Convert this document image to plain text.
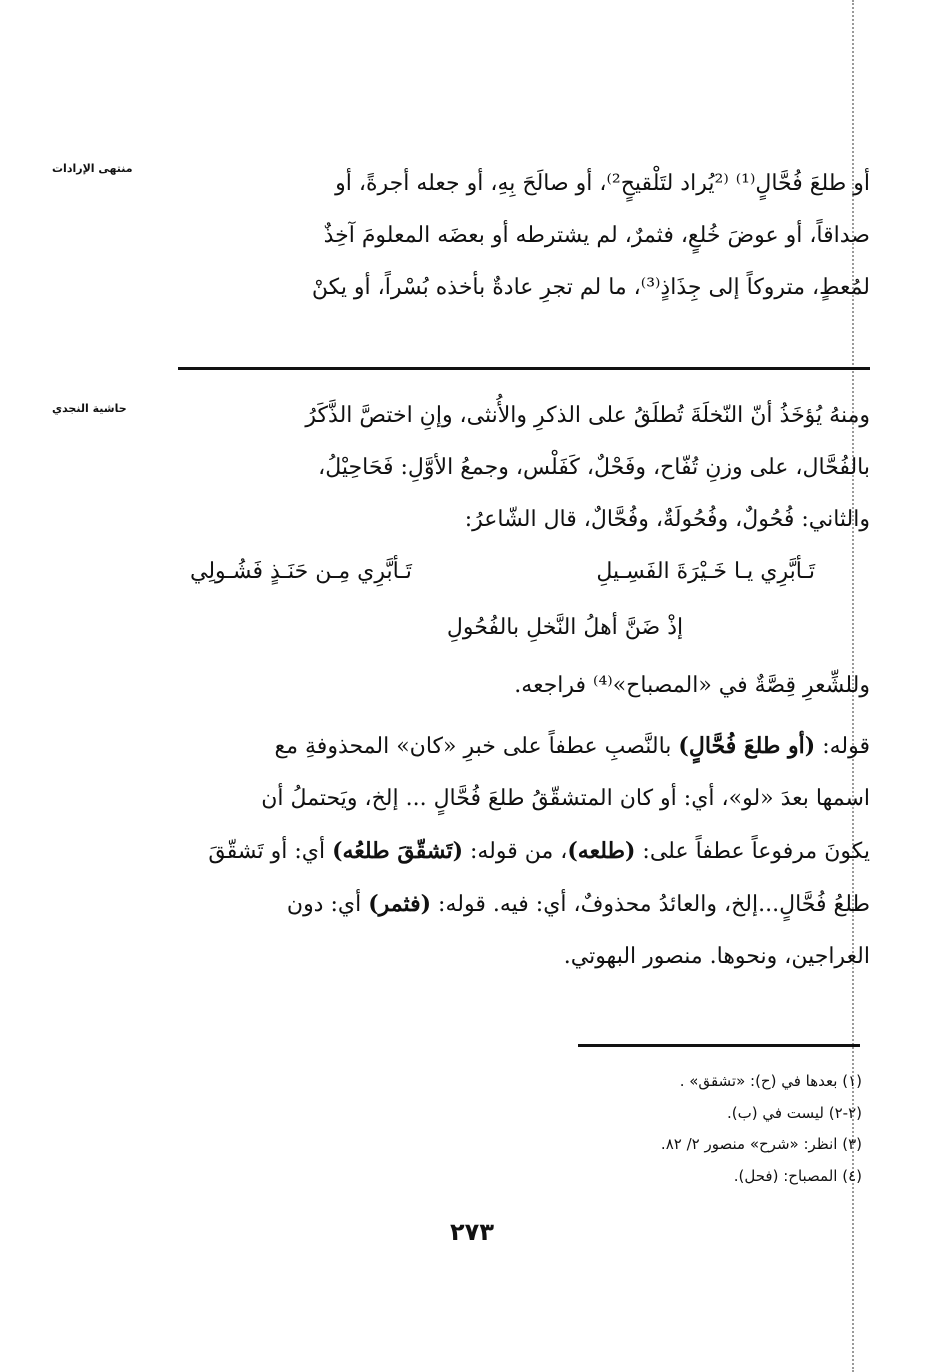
منتهى الإرادات

أو طلعَ فُحَّالٍ⁽¹⁾ ⁽²يُراد لتَلْقيحٍ²⁾، أو صالَحَ بِهِ، أو جعله أجرةً، أو

صداقاً، أو عوضَ خُلعٍ، فثمرٌ، لم يشترطه أو بعضَه المعلومَ آخِذٌ

لمُعطٍ، متروكاً إلى جِذَاذٍ⁽³⁾، ما لم تجرِ عادةٌ بأخذه بُسْراً، أو يكنْ

حاشية النجدي	ومنهُ يُؤخَذُ أنّ النّخلَةَ تُطلَقُ على الذكرِ والأُنثى، وإنِ اختصَّ الذَّكَرُ

بالفُحَّال، على وزنِ تُفّاح، وفَحْلٌ، كَفَلْس، وجمعُ الأوَّلِ: فَحَاحِيْلُ،

والثاني: فُحُولٌ، وفُحُولَةٌ، وفُحَّالٌ، قال الشّاعرُ:

تَـأبَّرِي يـا خَـيْرَةَ الفَسِـيلِ
تَـأبَّرِي مِـن حَنَـذٍ فَشُـولِي
إذْ ضَنَّ أهلُ النَّخلِ بالفُحُولِ
وللشِّعرِ قِصَّةٌ في «المصباح»⁽⁴⁾ فراجعه.

قوله: (أو طلعَ فُحَّالٍ) بالنَّصبِ عطفاً على خبرِ «كان» المحذوفةِ مع

اسمها بعدَ «لو»، أي: أو كان المتشقّقُ طلعَ فُحَّالٍ ... إلخ، ويَحتملُ أن

يكونَ مرفوعاً عطفاً على: (طلعه)، من قوله: (تَشقّقَ طلعُه) أي: أو تَشقّقَ

طلعُ فُحَّالٍ...إلخ، والعائدُ محذوفٌ، أي: فيه. قوله: (فثمر) أي: دون

العراجين، ونحوها. منصور البهوتي.

(١) بعدها في (ح): «تشقق» .
(٢-٢) ليست في (ب).
(٣) انظر: «شرح» منصور ٢/ ٨٢.
(٤) المصباح: (فحل).
٢٧٣
